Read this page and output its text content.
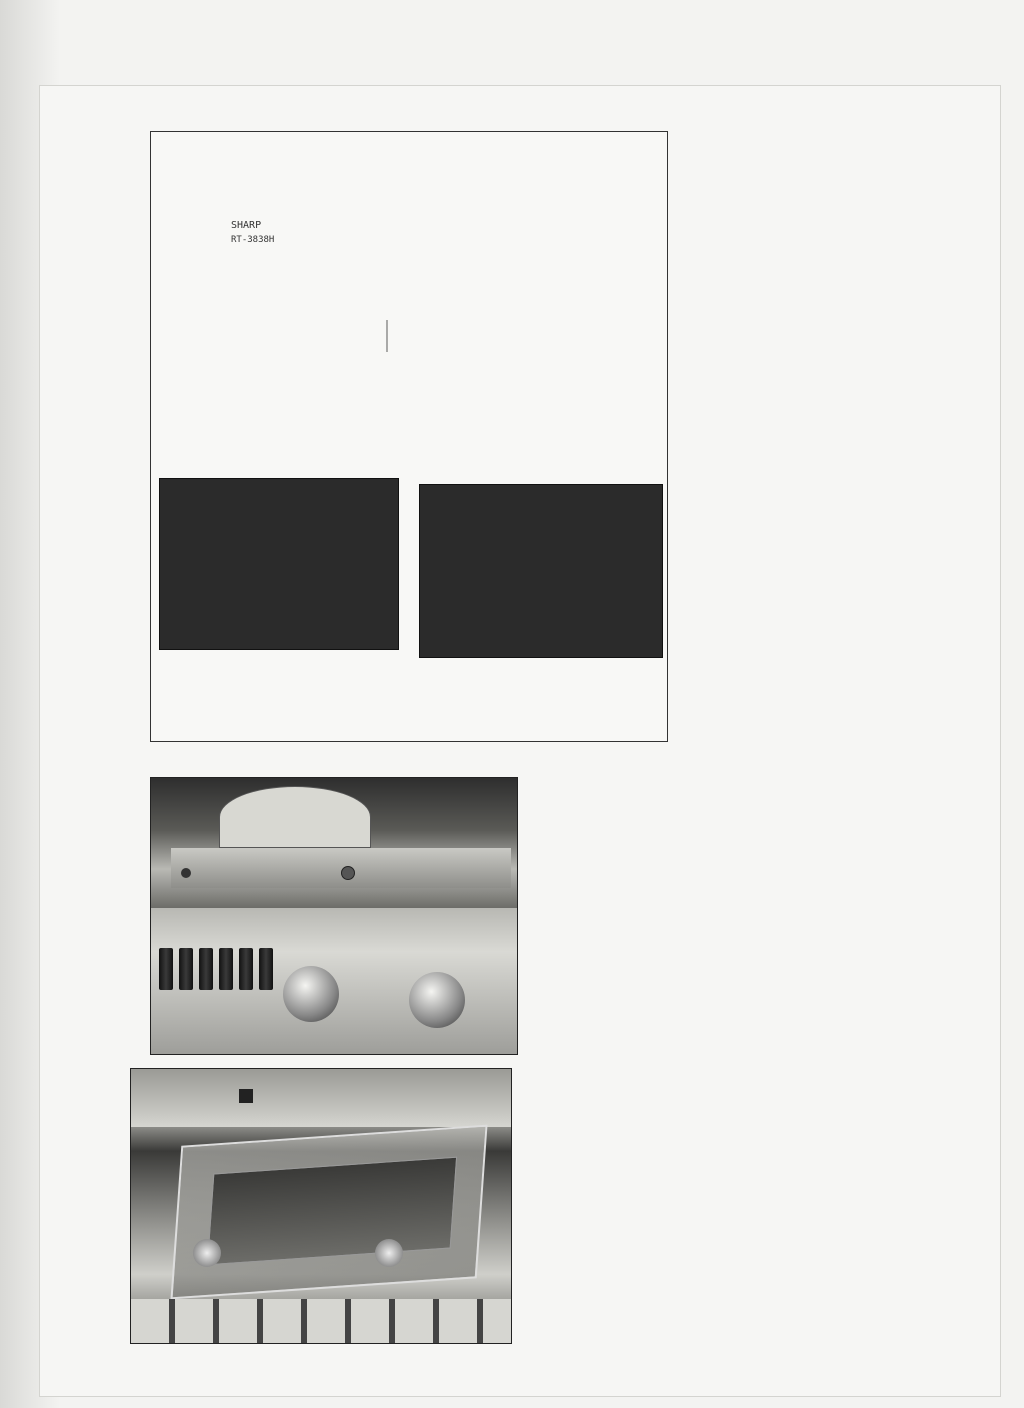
SHARP
RT-3838H
